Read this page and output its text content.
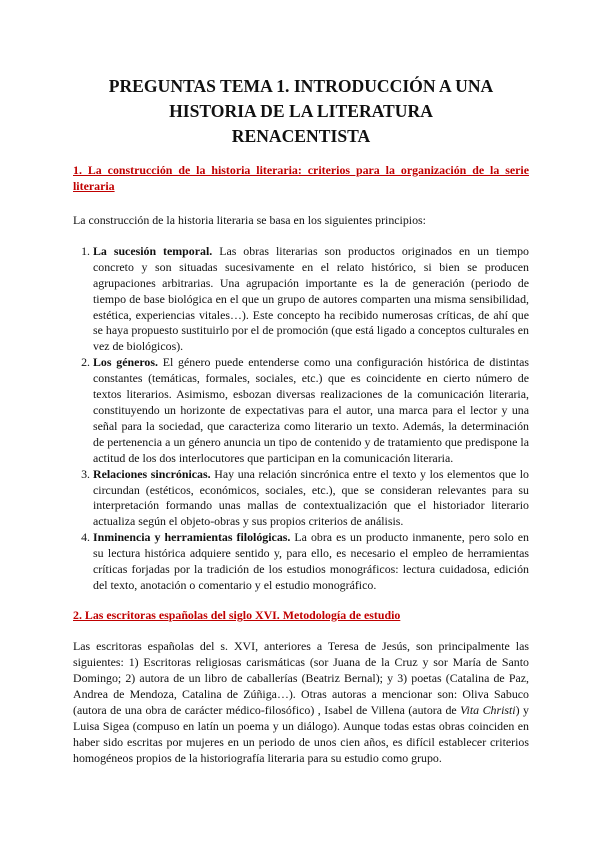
PREGUNTAS TEMA 1. INTRODUCCIÓN A UNA
HISTORIA DE LA LITERATURA
RENACENTISTA
1. La construcción de la historia literaria: criterios para la organización de la serie literaria

La construcción de la historia literaria se basa en los siguientes principios:

1. La sucesión temporal. Las obras literarias son productos originados en un tiempo concreto y son situadas sucesivamente en el relato histórico, si bien se producen agrupaciones arbitrarias. Una agrupación importante es la de generación (periodo de tiempo de base biológica en el que un grupo de autores comparten una misma sensibilidad, estética, experiencias vitales…). Este concepto ha recibido numerosas críticas, de ahí que se haya propuesto sustituirlo por el de promoción (que está ligado a conceptos culturales en vez de biológicos).
2. Los géneros. El género puede entenderse como una configuración histórica de distintas constantes (temáticas, formales, sociales, etc.) que es coincidente en cierto número de textos literarios. Asimismo, esbozan diversas realizaciones de la comunicación literaria, constituyendo un horizonte de expectativas para el autor, una marca para el lector y una señal para la sociedad, que caracteriza como literario un texto. Además, la determinación de pertenencia a un género anuncia un tipo de contenido y de tratamiento que predispone la actitud de los dos interlocutores que participan en la comunicación literaria.
3. Relaciones sincrónicas. Hay una relación sincrónica entre el texto y los elementos que lo circundan (estéticos, económicos, sociales, etc.), que se consideran relevantes para su interpretación formando unas mallas de contextualización que el historiador literario actualiza según el objeto-obras y sus propios criterios de análisis.
4. Inminencia y herramientas filológicas. La obra es un producto inmanente, pero solo en su lectura histórica adquiere sentido y, para ello, es necesario el empleo de herramientas críticas forjadas por la tradición de los estudios monográficos: lectura cuidadosa, edición del texto, anotación o comentario y el estudio monográfico.
2. Las escritoras españolas del siglo XVI. Metodología de estudio

Las escritoras españolas del s. XVI, anteriores a Teresa de Jesús, son principalmente las siguientes: 1) Escritoras religiosas carismáticas (sor Juana de la Cruz y sor María de Santo Domingo; 2) autora de un libro de caballerías (Beatriz Bernal); y 3) poetas (Catalina de Paz, Andrea de Mendoza, Catalina de Zúñiga…). Otras autoras a mencionar son: Oliva Sabuco (autora de una obra de carácter médico-filosófico) , Isabel de Villena (autora de Vita Christi) y Luisa Sigea (compuso en latín un poema y un diálogo). Aunque todas estas obras coinciden en haber sido escritas por mujeres en un periodo de unos cien años, es difícil establecer criterios homogéneos propios de la historiografía literaria para su estudio como grupo.
